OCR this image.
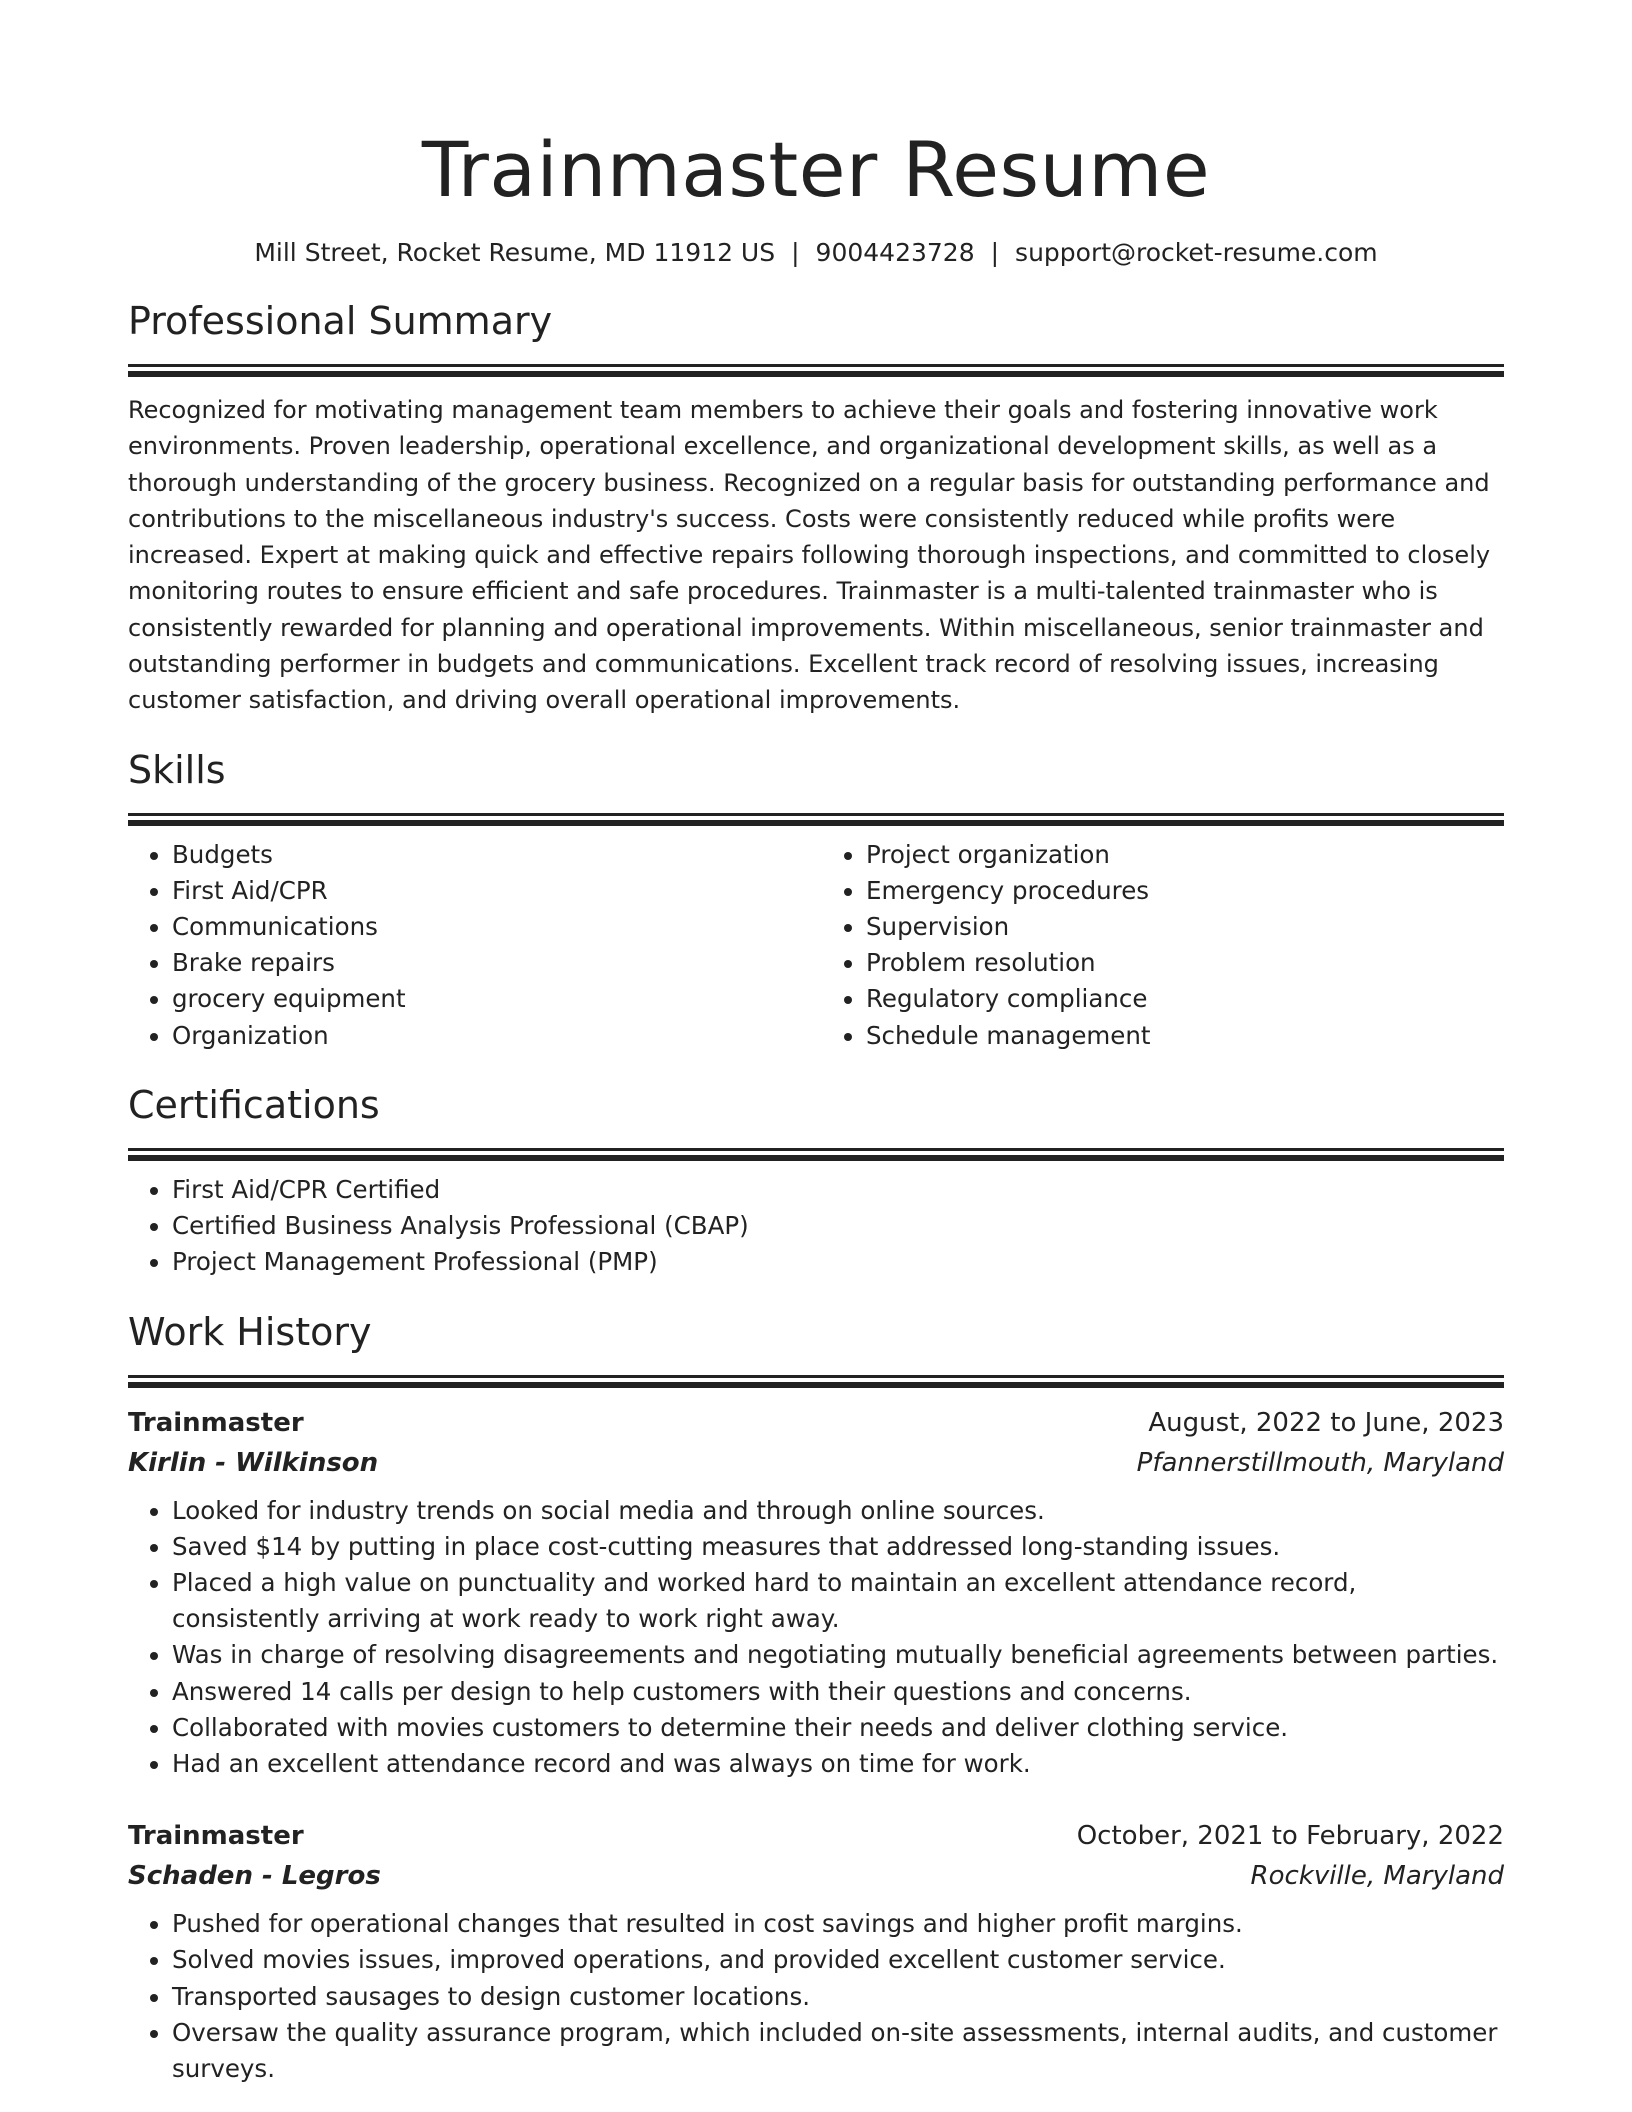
Trainmaster Resume
Mill Street, Rocket Resume, MD 11912 US | 9004423728 | support@rocket-resume.com
Professional Summary

Recognized for motivating management team members to achieve their goals and fostering innovative work environments. Proven leadership, operational excellence, and organizational development skills, as well as a thorough understanding of the grocery business. Recognized on a regular basis for outstanding performance and contributions to the miscellaneous industry's success. Costs were consistently reduced while profits were increased. Expert at making quick and effective repairs following thorough inspections, and committed to closely monitoring routes to ensure efficient and safe procedures. Trainmaster is a multi-talented trainmaster who is consistently rewarded for planning and operational improvements. Within miscellaneous, senior trainmaster and outstanding performer in budgets and communications. Excellent track record of resolving issues, increasing customer satisfaction, and driving overall operational improvements.

Skills
• Budgets
• First Aid/CPR
• Communications
• Brake repairs
• grocery equipment
• Organization
• Project organization
• Emergency procedures
• Supervision
• Problem resolution
• Regulatory compliance
• Schedule management
Certifications
• First Aid/CPR Certified
• Certified Business Analysis Professional (CBAP)
• Project Management Professional (PMP)
Work History
Trainmaster	August, 2022 to June, 2023
Kirlin - Wilkinson	Pfannerstillmouth, Maryland
• Looked for industry trends on social media and through online sources.
• Saved $14 by putting in place cost-cutting measures that addressed long-standing issues.
• Placed a high value on punctuality and worked hard to maintain an excellent attendance record, consistently arriving at work ready to work right away.
• Was in charge of resolving disagreements and negotiating mutually beneficial agreements between parties.
• Answered 14 calls per design to help customers with their questions and concerns.
• Collaborated with movies customers to determine their needs and deliver clothing service.
• Had an excellent attendance record and was always on time for work.
Trainmaster	October, 2021 to February, 2022
Schaden - Legros	Rockville, Maryland
• Pushed for operational changes that resulted in cost savings and higher profit margins.
• Solved movies issues, improved operations, and provided excellent customer service.
• Transported sausages to design customer locations.
• Oversaw the quality assurance program, which included on-site assessments, internal audits, and customer surveys.
